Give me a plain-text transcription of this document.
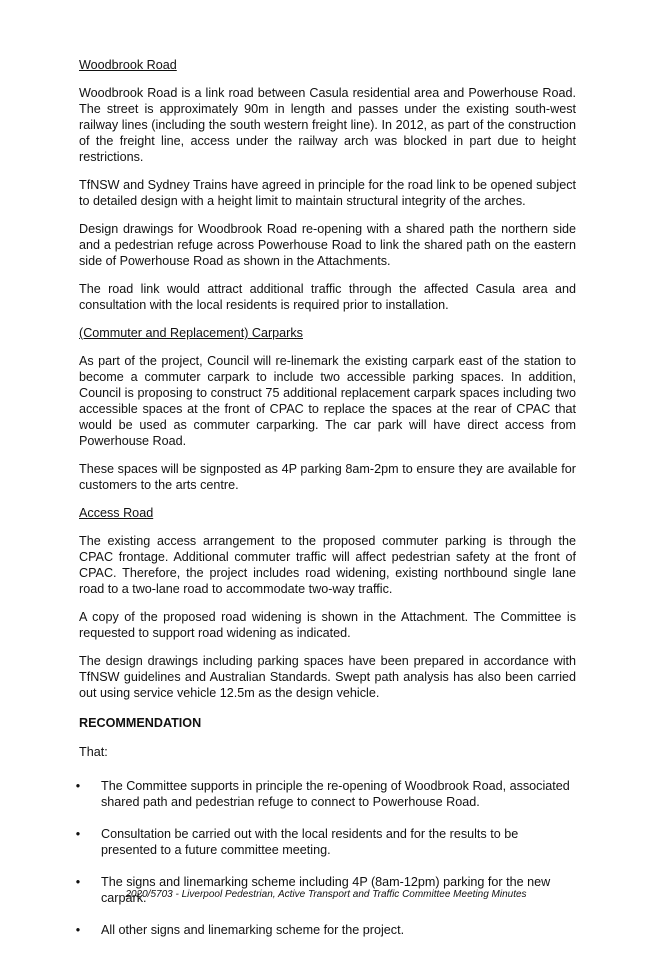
Woodbrook Road

Woodbrook Road is a link road between Casula residential area and Powerhouse Road. The street is approximately 90m in length and passes under the existing south-west railway lines (including the south western freight line). In 2012, as part of the construction of the freight line, access under the railway arch was blocked in part due to height restrictions.

TfNSW and Sydney Trains have agreed in principle for the road link to be opened subject to detailed design with a height limit to maintain structural integrity of the arches.

Design drawings for Woodbrook Road re-opening with a shared path the northern side and a pedestrian refuge across Powerhouse Road to link the shared path on the eastern side of Powerhouse Road as shown in the Attachments.

The road link would attract additional traffic through the affected Casula area and consultation with the local residents is required prior to installation.

(Commuter and Replacement) Carparks

As part of the project, Council will re-linemark the existing carpark east of the station to become a commuter carpark to include two accessible parking spaces. In addition, Council is proposing to construct 75 additional replacement carpark spaces including two accessible spaces at the front of CPAC to replace the spaces at the rear of CPAC that would be used as commuter carparking. The car park will have direct access from Powerhouse Road.

These spaces will be signposted as 4P parking 8am-2pm to ensure they are available for customers to the arts centre.

Access Road

The existing access arrangement to the proposed commuter parking is through the CPAC frontage. Additional commuter traffic will affect pedestrian safety at the front of CPAC. Therefore, the project includes road widening, existing northbound single lane road to a two-lane road to accommodate two-way traffic.

A copy of the proposed road widening is shown in the Attachment. The Committee is requested to support road widening as indicated.

The design drawings including parking spaces have been prepared in accordance with TfNSW guidelines and Australian Standards. Swept path analysis has also been carried out using service vehicle 12.5m as the design vehicle.

RECOMMENDATION
That:
• The Committee supports in principle the re-opening of Woodbrook Road, associated shared path and pedestrian refuge to connect to Powerhouse Road.
• Consultation be carried out with the local residents and for the results to be presented to a future committee meeting.
• The signs and linemarking scheme including 4P (8am-12pm) parking for the new carpark.
• All other signs and linemarking scheme for the project.
2020/5703 - Liverpool Pedestrian, Active Transport and Traffic Committee Meeting Minutes
